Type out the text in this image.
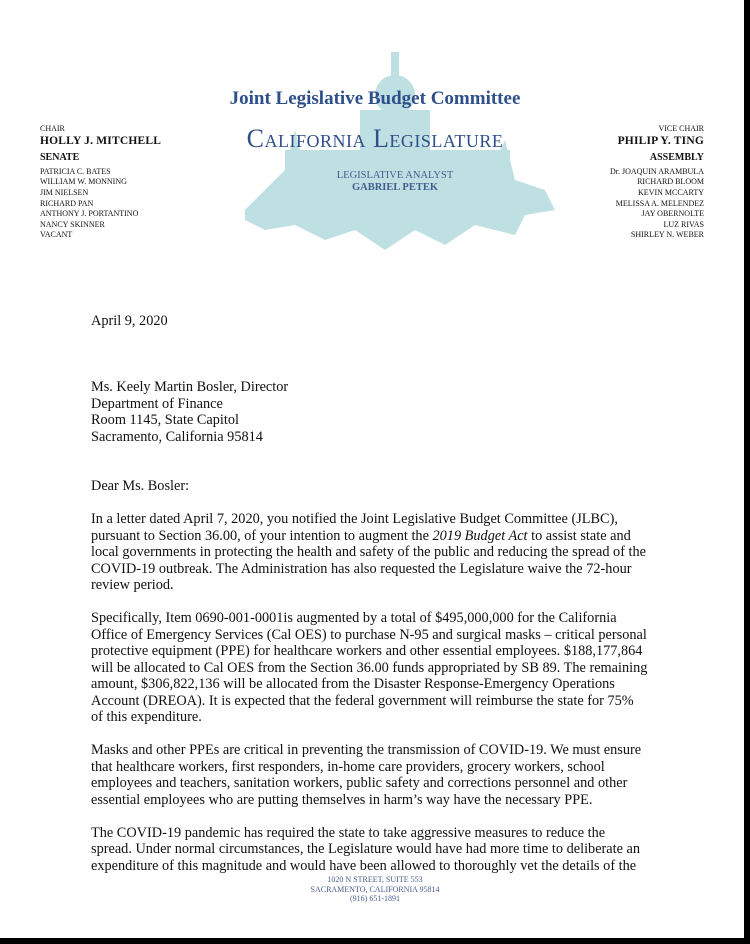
Joint Legislative Budget Committee
California Legislature
LEGISLATIVE ANALYST
GABRIEL PETEK
CHAIR
HOLLY J. MITCHELL
SENATE
PATRICIA C. BATES
WILLIAM W. MONNING
JIM NIELSEN
RICHARD PAN
ANTHONY J. PORTANTINO
NANCY SKINNER
VACANT
VICE CHAIR
PHILIP Y. TING
ASSEMBLY
Dr. JOAQUIN ARAMBULA
RICHARD BLOOM
KEVIN MCCARTY
MELISSA A. MELENDEZ
JAY OBERNOLTE
LUZ RIVAS
SHIRLEY N. WEBER
April 9, 2020
Ms. Keely Martin Bosler, Director
Department of Finance
Room 1145, State Capitol
Sacramento, California 95814
Dear Ms. Bosler:
In a letter dated April 7, 2020, you notified the Joint Legislative Budget Committee (JLBC),
pursuant to Section 36.00, of your intention to augment the 2019 Budget Act to assist state and
local governments in protecting the health and safety of the public and reducing the spread of the
COVID-19 outbreak. The Administration has also requested the Legislature waive the 72-hour
review period.
Specifically, Item 0690-001-0001is augmented by a total of $495,000,000 for the California
Office of Emergency Services (Cal OES) to purchase N-95 and surgical masks – critical personal
protective equipment (PPE) for healthcare workers and other essential employees. $188,177,864
will be allocated to Cal OES from the Section 36.00 funds appropriated by SB 89. The remaining
amount, $306,822,136 will be allocated from the Disaster Response-Emergency Operations
Account (DREOA). It is expected that the federal government will reimburse the state for 75%
of this expenditure.
Masks and other PPEs are critical in preventing the transmission of COVID-19. We must ensure
that healthcare workers, first responders, in-home care providers, grocery workers, school
employees and teachers, sanitation workers, public safety and corrections personnel and other
essential employees who are putting themselves in harm’s way have the necessary PPE.
The COVID-19 pandemic has required the state to take aggressive measures to reduce the
spread. Under normal circumstances, the Legislature would have had more time to deliberate an
expenditure of this magnitude and would have been allowed to thoroughly vet the details of the
1020 N STREET, SUITE 553
SACRAMENTO, CALIFORNIA 95814
(916) 651-1891
